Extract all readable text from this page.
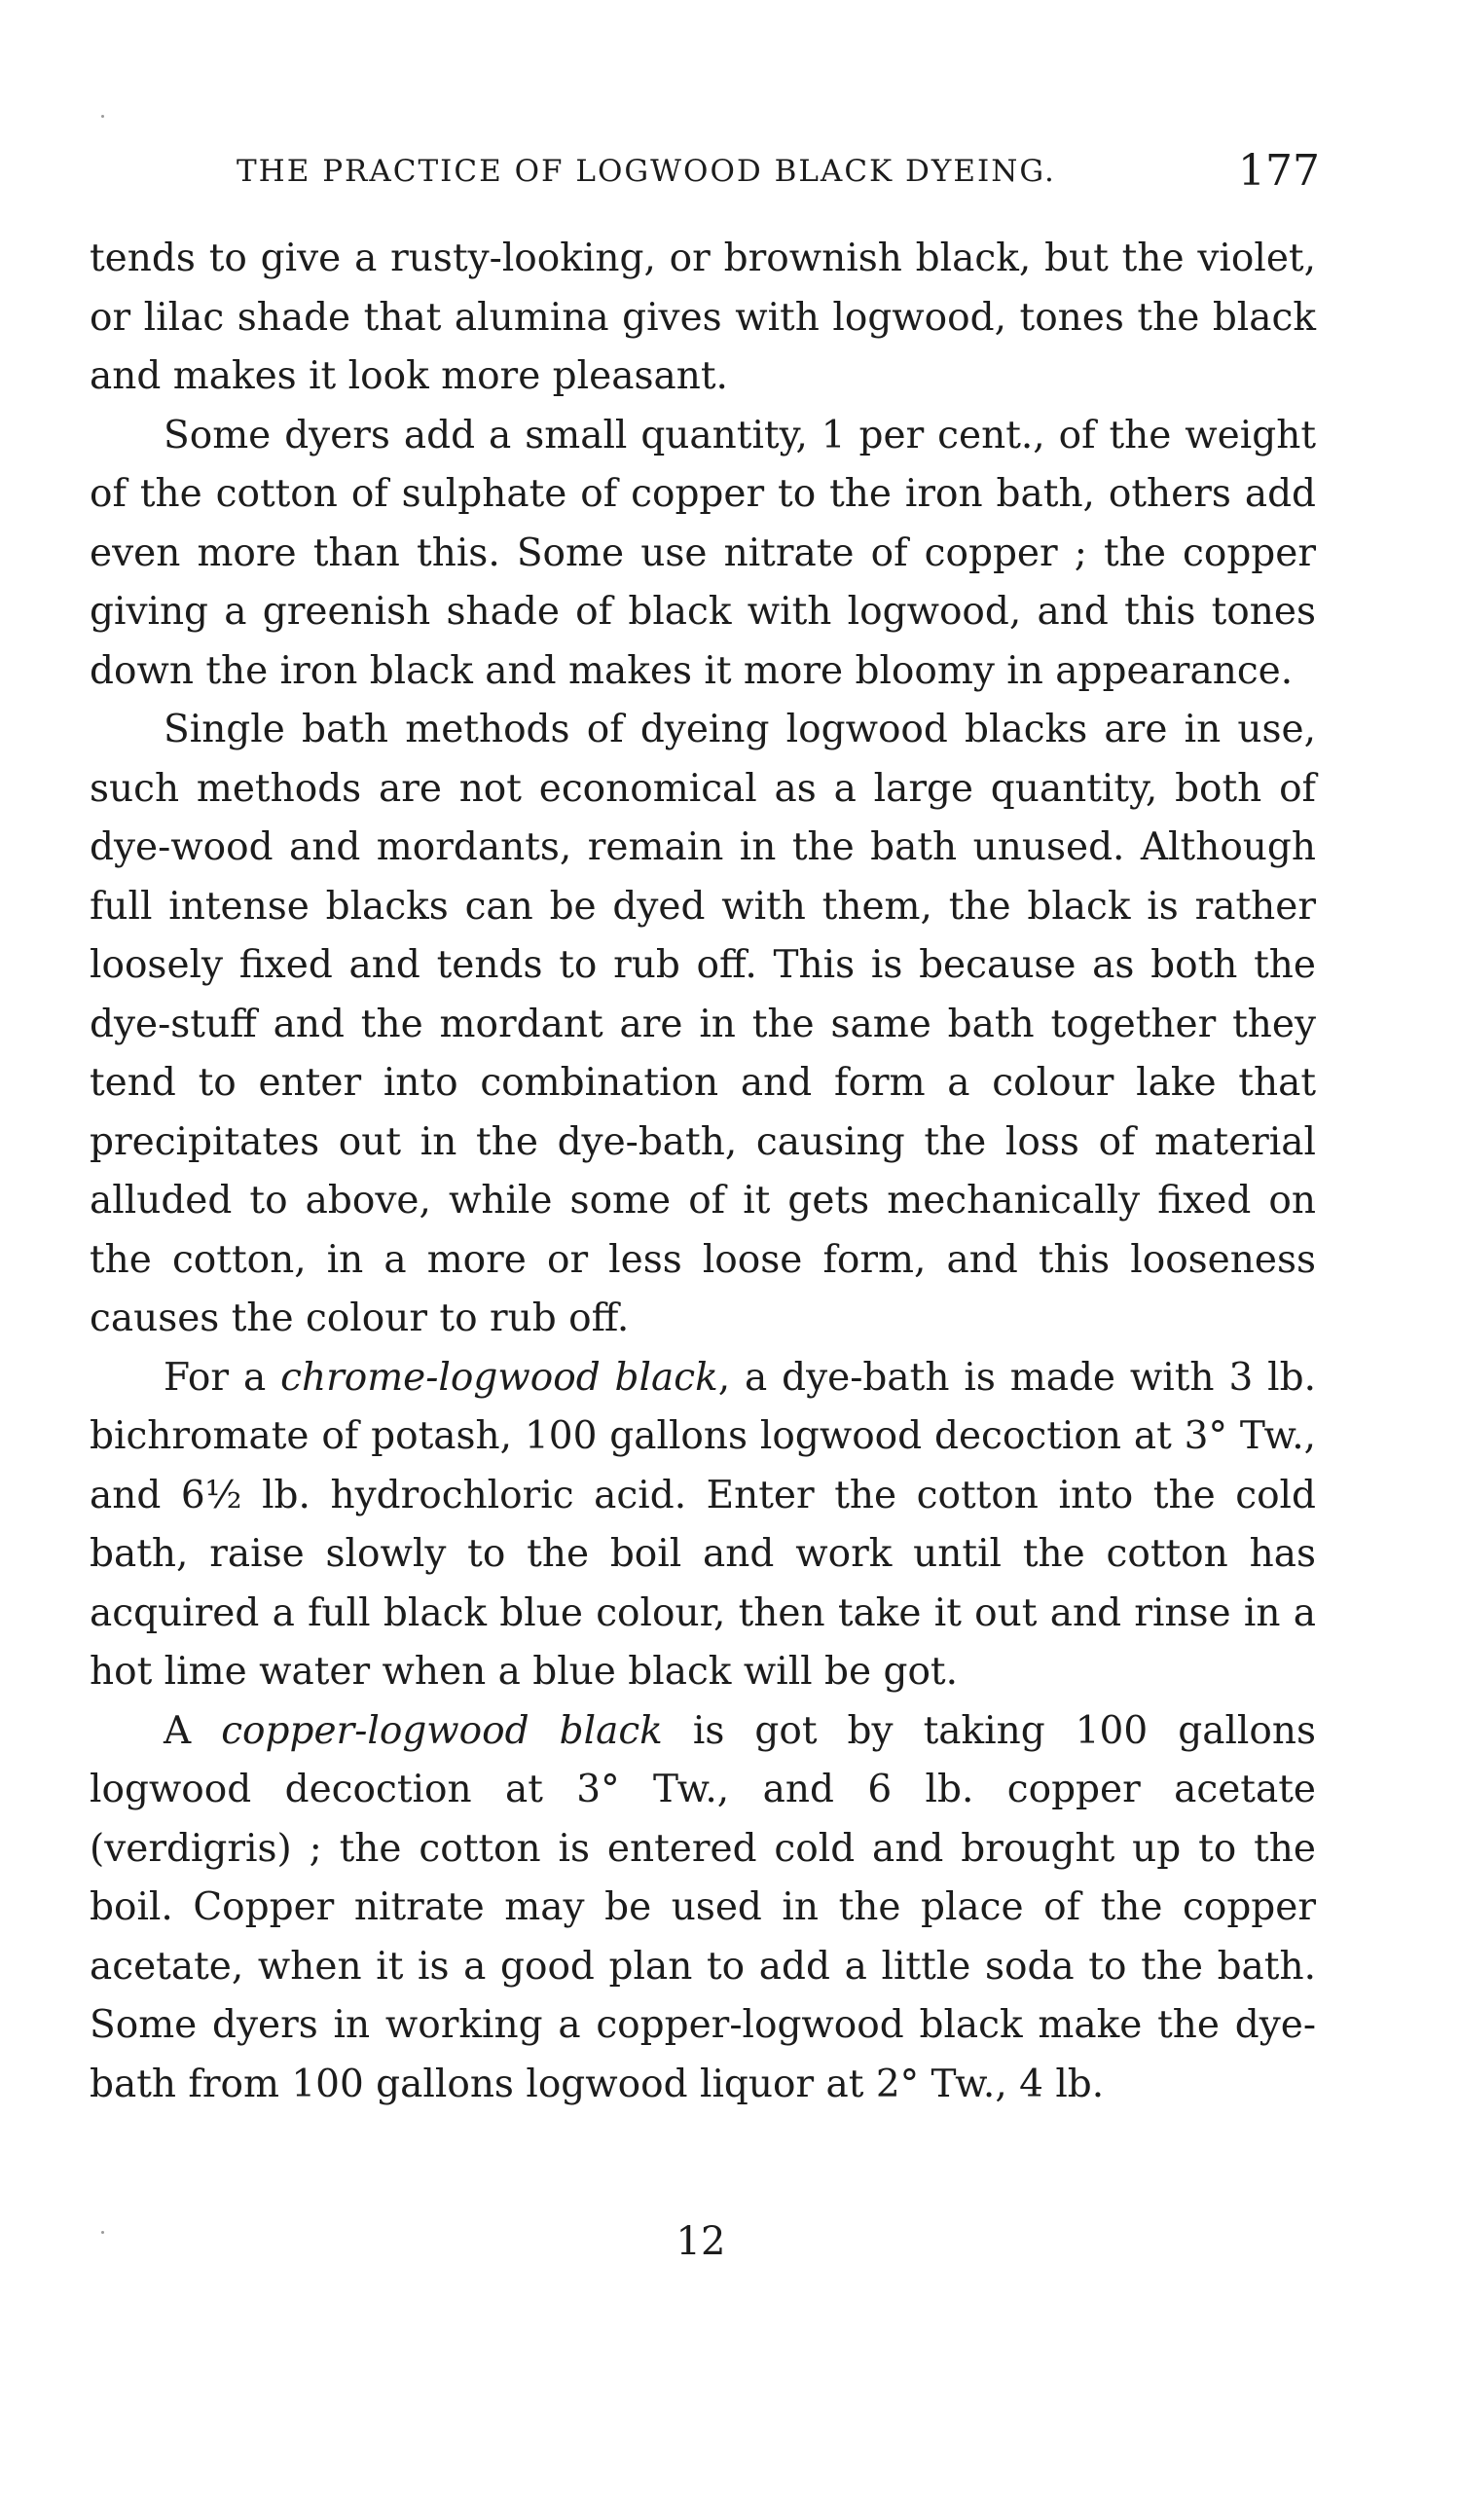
THE PRACTICE OF LOGWOOD BLACK DYEING.	177

tends to give a rusty-looking, or brownish black, but the violet, or lilac shade that alumina gives with logwood, tones the black and makes it look more pleasant.

Some dyers add a small quantity, 1 per cent., of the weight of the cotton of sulphate of copper to the iron bath, others add even more than this. Some use nitrate of copper ; the copper giving a greenish shade of black with logwood, and this tones down the iron black and makes it more bloomy in appearance.

Single bath methods of dyeing logwood blacks are in use, such methods are not economical as a large quantity, both of dye-wood and mordants, remain in the bath unused. Although full intense blacks can be dyed with them, the black is rather loosely fixed and tends to rub off. This is because as both the dye-stuff and the mordant are in the same bath together they tend to enter into combination and form a colour lake that precipitates out in the dye-bath, causing the loss of material alluded to above, while some of it gets mechanically fixed on the cotton, in a more or less loose form, and this looseness causes the colour to rub off.

For a chrome-logwood black, a dye-bath is made with 3 lb. bichromate of potash, 100 gallons logwood decoction at 3° Tw., and 6½ lb. hydrochloric acid. Enter the cotton into the cold bath, raise slowly to the boil and work until the cotton has acquired a full black blue colour, then take it out and rinse in a hot lime water when a blue black will be got.

A copper-logwood black is got by taking 100 gallons logwood decoction at 3° Tw., and 6 lb. copper acetate (verdigris) ; the cotton is entered cold and brought up to the boil. Copper nitrate may be used in the place of the copper acetate, when it is a good plan to add a little soda to the bath. Some dyers in working a copper-logwood black make the dye-bath from 100 gallons logwood liquor at 2° Tw., 4 lb.

12
